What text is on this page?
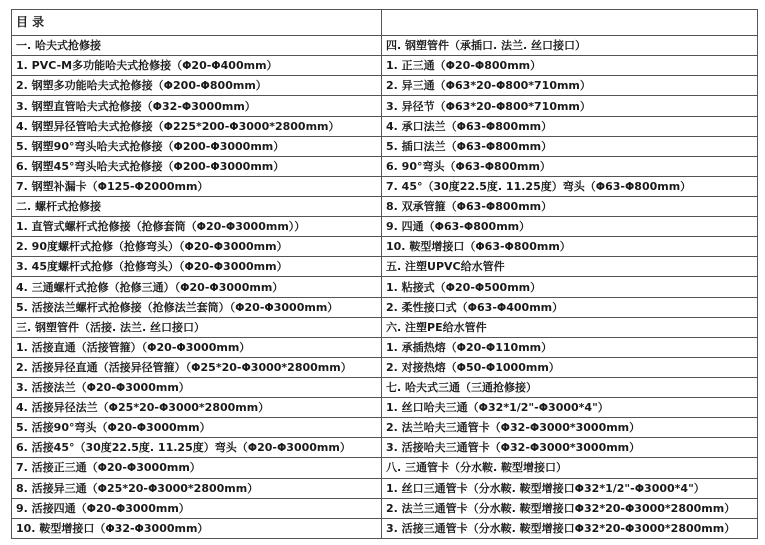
目 录	
一. 哈夫式抢修接	四. 钢塑管件（承插口. 法兰. 丝口接口）
1. PVC-M多功能哈夫式抢修接（Φ20-Φ400mm）	1. 正三通（Φ20-Φ800mm）
2. 钢塑多功能哈夫式抢修接（Φ200-Φ800mm）	2. 异三通（Φ63*20-Φ800*710mm）
3. 钢塑直管哈夫式抢修接（Φ32-Φ3000mm）	3. 异径节（Φ63*20-Φ800*710mm）
4. 钢塑异径管哈夫式抢修接（Φ225*200-Φ3000*2800mm）	4. 承口法兰（Φ63-Φ800mm）
5. 钢塑90°弯头哈夫式抢修接（Φ200-Φ3000mm）	5. 插口法兰（Φ63-Φ800mm）
6. 钢塑45°弯头哈夫式抢修接（Φ200-Φ3000mm）	6. 90°弯头（Φ63-Φ800mm）
7. 钢塑补漏卡（Φ125-Φ2000mm）	7. 45°（30度22.5度. 11.25度）弯头（Φ63-Φ800mm）
二. 螺杆式抢修接	8. 双承管箍（Φ63-Φ800mm）
1. 直管式螺杆式抢修接（抢修套筒（Φ20-Φ3000mm））	9. 四通（Φ63-Φ800mm）
2. 90度螺杆式抢修（抢修弯头）（Φ20-Φ3000mm）	10. 鞍型增接口（Φ63-Φ800mm）
3. 45度螺杆式抢修（抢修弯头）（Φ20-Φ3000mm）	五. 注塑UPVC给水管件
4. 三通螺杆式抢修（抢修三通）（Φ20-Φ3000mm）	1. 粘接式（Φ20-Φ500mm）
5. 活接法兰螺杆式抢修接（抢修法兰套筒）（Φ20-Φ3000mm）	2. 柔性接口式（Φ63-Φ400mm）
三. 钢塑管件（活接. 法兰. 丝口接口）	六. 注塑PE给水管件
1. 活接直通（活接管箍）（Φ20-Φ3000mm）	1. 承插热熔（Φ20-Φ110mm）
2. 活接异径直通（活接异径管箍）（Φ25*20-Φ3000*2800mm）	2. 对接热熔（Φ50-Φ1000mm）
3. 活接法兰（Φ20-Φ3000mm）	七. 哈夫式三通（三通抢修接）
4. 活接异径法兰（Φ25*20-Φ3000*2800mm）	1. 丝口哈夫三通（Φ32*1/2"-Φ3000*4"）
5. 活接90°弯头（Φ20-Φ3000mm）	2. 法兰哈夫三通管卡（Φ32-Φ3000*3000mm）
6. 活接45°（30度22.5度. 11.25度）弯头（Φ20-Φ3000mm）	3. 活接哈夫三通管卡（Φ32-Φ3000*3000mm）
7. 活接正三通（Φ20-Φ3000mm）	八. 三通管卡（分水鞍. 鞍型增接口）
8. 活接异三通（Φ25*20-Φ3000*2800mm）	1. 丝口三通管卡（分水鞍. 鞍型增接口Φ32*1/2"-Φ3000*4"）
9. 活接四通（Φ20-Φ3000mm）	2. 法兰三通管卡（分水鞍. 鞍型增接口Φ32*20-Φ3000*2800mm）
10. 鞍型增接口（Φ32-Φ3000mm）	3. 活接三通管卡（分水鞍. 鞍型增接口Φ32*20-Φ3000*2800mm）
